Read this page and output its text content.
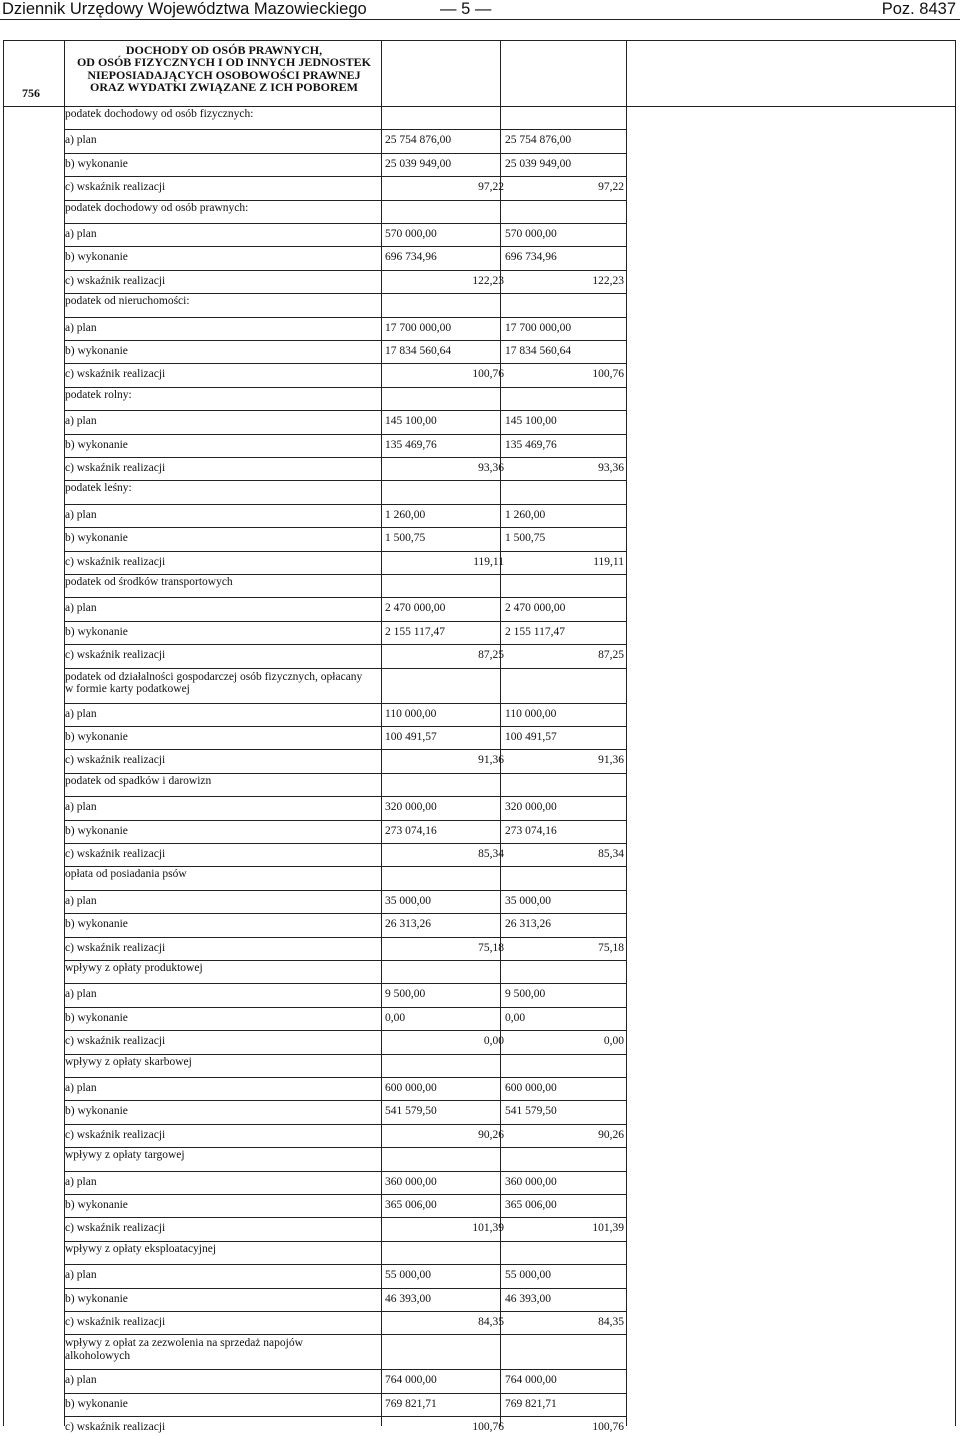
Dziennik Urzędowy Województwa Mazowieckiego	— 5 —	Poz. 8437
756
DOCHODY OD OSÓB PRAWNYCH,
OD OSÓB FIZYCZNYCH I OD INNYCH JEDNOSTEK
NIEPOSIADAJĄCYCH OSOBOWOŚCI PRAWNEJ
ORAZ WYDATKI ZWIĄZANE Z ICH POBOREM
podatek dochodowy od osób fizycznych:
a) plan	25 754 876,00	25 754 876,00
b) wykonanie	25 039 949,00	25 039 949,00
c) wskaźnik realizacji	97,22	97,22
podatek dochodowy od osób prawnych:
a) plan	570 000,00	570 000,00
b) wykonanie	696 734,96	696 734,96
c) wskaźnik realizacji	122,23	122,23
podatek od nieruchomości:
a) plan	17 700 000,00	17 700 000,00
b) wykonanie	17 834 560,64	17 834 560,64
c) wskaźnik realizacji	100,76	100,76
podatek rolny:
a) plan	145 100,00	145 100,00
b) wykonanie	135 469,76	135 469,76
c) wskaźnik realizacji	93,36	93,36
podatek leśny:
a) plan	1 260,00	1 260,00
b) wykonanie	1 500,75	1 500,75
c) wskaźnik realizacji	119,11	119,11
podatek od środków transportowych
a) plan	2 470 000,00	2 470 000,00
b) wykonanie	2 155 117,47	2 155 117,47
c) wskaźnik realizacji	87,25	87,25
podatek od działalności gospodarczej osób fizycznych, opłacany w formie karty podatkowej
a) plan	110 000,00	110 000,00
b) wykonanie	100 491,57	100 491,57
c) wskaźnik realizacji	91,36	91,36
podatek od spadków i darowizn
a) plan	320 000,00	320 000,00
b) wykonanie	273 074,16	273 074,16
c) wskaźnik realizacji	85,34	85,34
opłata od posiadania psów
a) plan	35 000,00	35 000,00
b) wykonanie	26 313,26	26 313,26
c) wskaźnik realizacji	75,18	75,18
wpływy z opłaty produktowej
a) plan	9 500,00	9 500,00
b) wykonanie	0,00	0,00
c) wskaźnik realizacji	0,00	0,00
wpływy z opłaty skarbowej
a) plan	600 000,00	600 000,00
b) wykonanie	541 579,50	541 579,50
c) wskaźnik realizacji	90,26	90,26
wpływy z opłaty targowej
a) plan	360 000,00	360 000,00
b) wykonanie	365 006,00	365 006,00
c) wskaźnik realizacji	101,39	101,39
wpływy z opłaty eksploatacyjnej
a) plan	55 000,00	55 000,00
b) wykonanie	46 393,00	46 393,00
c) wskaźnik realizacji	84,35	84,35
wpływy z opłat za zezwolenia na sprzedaż napojów alkoholowych
a) plan	764 000,00	764 000,00
b) wykonanie	769 821,71	769 821,71
c) wskaźnik realizacji	100,76	100,76
